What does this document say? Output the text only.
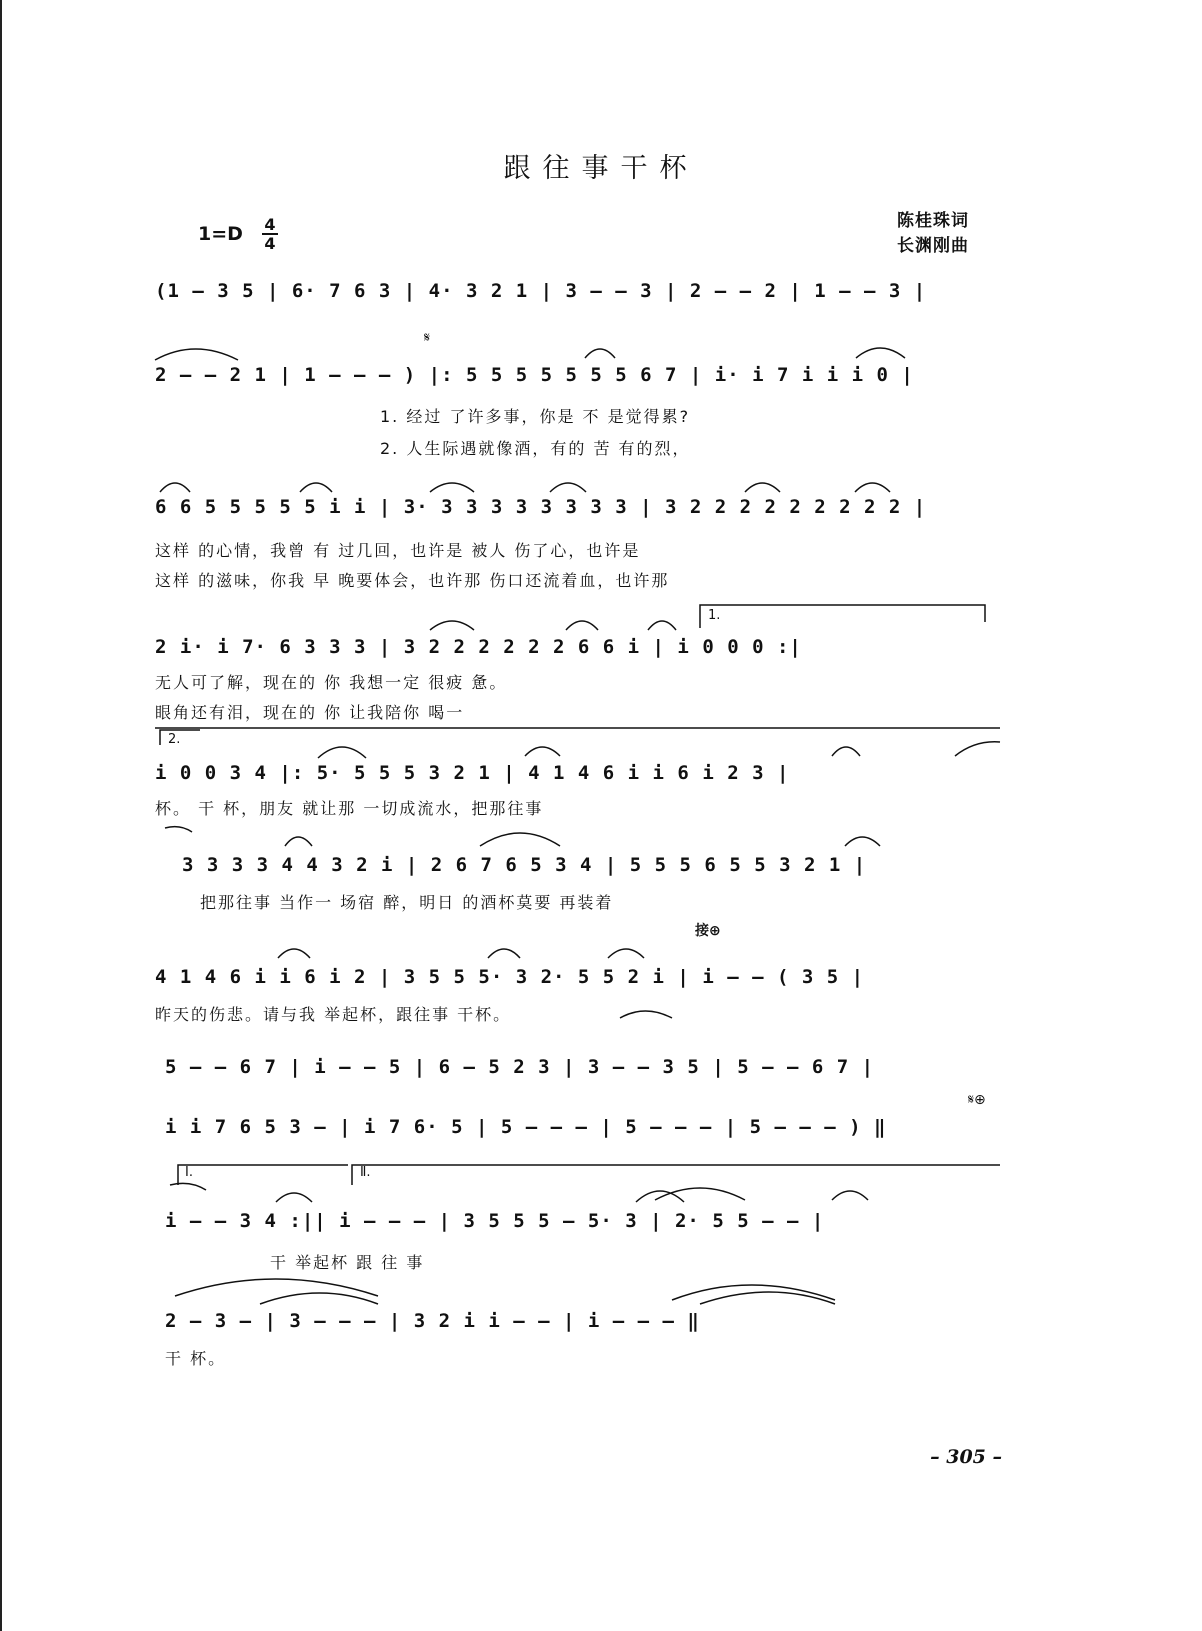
跟往事干杯
1=D 4
4
陈桂珠词
长渊刚曲
𝄋
1.
2.
接⊕
𝄋⊕
I.	Ⅱ.
(1 – 3 5 | 6· 7 6 3 | 4· 3 2 1 | 3 – – 3 | 2 – – 2 | 1 – – 3 |
2 – – 2 1 | 1 – – – ) |: 5 5 5 5 5 5 5 6 7 | i· i 7 i i i 0 |
1. 经过 了许多事，你是 不 是觉得累?
2. 人生际遇就像酒，有的 苦 有的烈，
6 6 5 5 5 5 5 i i | 3· 3 3 3 3 3 3 3 3 | 3 2 2 2 2 2 2 2 2 2 |
这样 的心情，我曾 有 过几回，也许是 被人 伤了心，也许是
这样 的滋味，你我 早 晚要体会，也许那 伤口还流着血，也许那
2 i· i 7· 6 3 3 3 | 3 2 2 2 2 2 2 6 6 i | i 0 0 0 :|
无人可了解，现在的 你 我想一定 很疲 惫。
眼角还有泪，现在的 你 让我陪你 喝一
i 0 0 3 4 |: 5· 5 5 5 3 2 1 | 4 1 4 6 i i 6 i 2 3 |
杯。 干 杯，朋友 就让那 一切成流水，把那往事
3 3 3 3 4 4 3 2 i | 2 6 7 6 5 3 4 | 5 5 5 6 5 5 3 2 1 |
把那往事 当作一 场宿 醉，明日 的酒杯莫要 再装着
4 1 4 6 i i 6 i 2 | 3 5 5 5· 3 2· 5 5 2 i | i – – ( 3 5 |
昨天的伤悲。请与我 举起杯，跟往事 干杯。
5 – – 6 7 | i – – 5 | 6 – 5 2 3 | 3 – – 3 5 | 5 – – 6 7 |
i i 7 6 5 3 – | i 7 6· 5 | 5 – – – | 5 – – – | 5 – – – ) ‖
i – – 3 4 :|| i – – – | 3 5 5 5 – 5· 3 | 2· 5 5 – – |
干 举起杯 跟 往 事
2 – 3 – | 3 – – – | 3 2 i i – – | i – – – ‖
干 杯。
– 305 –
